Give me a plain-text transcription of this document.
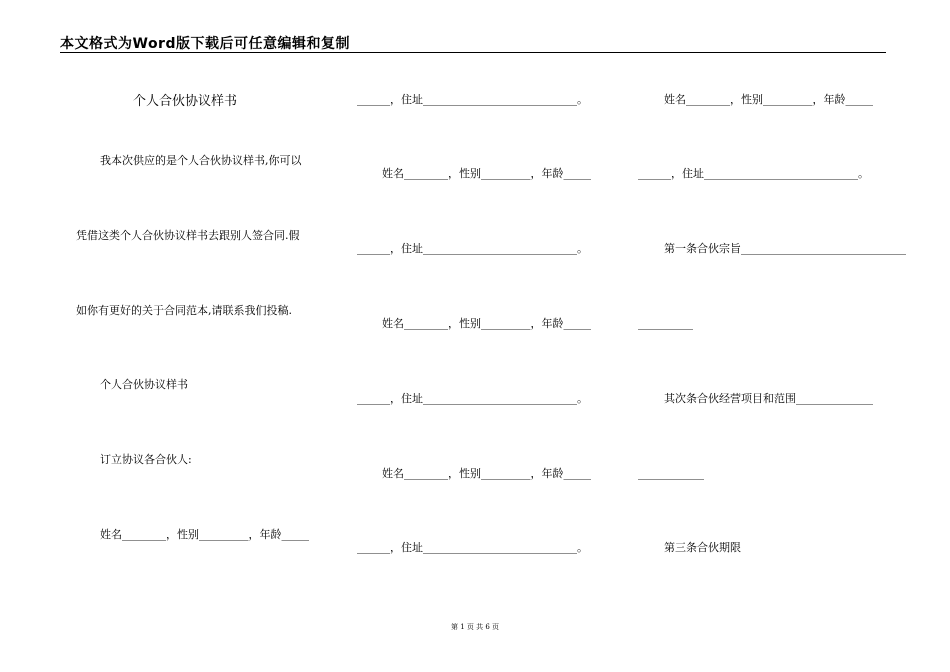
本文格式为Word版下载后可任意编辑和复制
个人合伙协议样书
我本次供应的是个人合伙协议样书,你可以
凭借这类个人合伙协议样书去跟别人签合同.假
如你有更好的关于合同范本,请联系我们投稿.
个人合伙协议样书
订立协议各合伙人:
姓名________，性别_________，年龄_____
______，住址____________________________。
姓名________，性别_________，年龄_____
______，住址____________________________。
姓名________，性别_________，年龄_____
______，住址____________________________。
姓名________，性别_________，年龄_____
______，住址____________________________。
姓名________，性别_________，年龄_____
______，住址____________________________。
第一条合伙宗旨______________________________
__________
其次条合伙经营项目和范围______________
____________
第三条合伙期限
第 1 页 共 6 页
